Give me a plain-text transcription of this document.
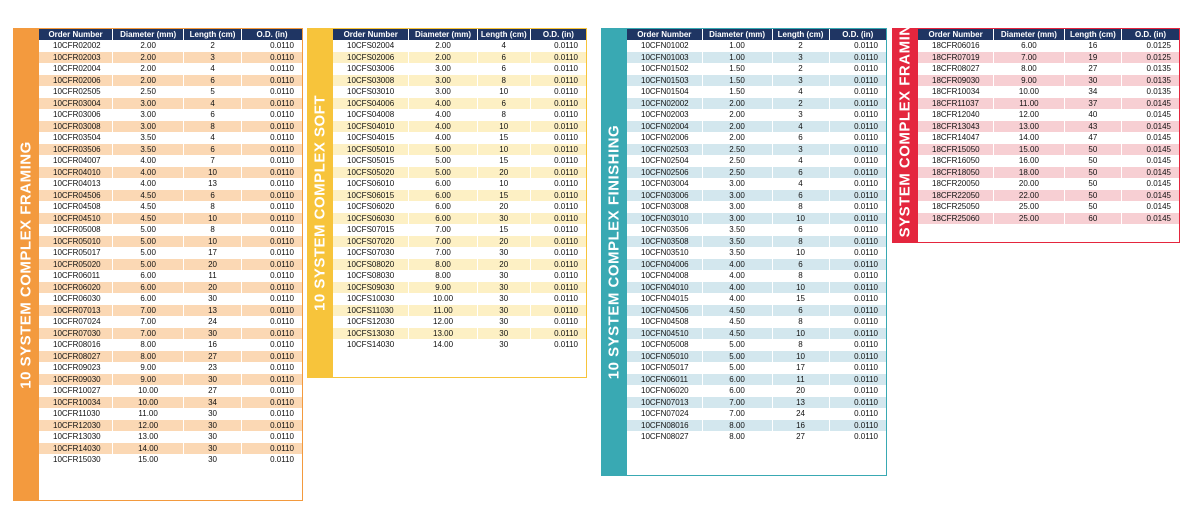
10 SYSTEM COMPLEX FRAMING
Order Number	Diameter (mm)	Length (cm)	O.D. (in)
10CFR02002	2.00	2	0.0110
10CFR02003	2.00	3	0.0110
10CFR02004	2.00	4	0.0110
10CFR02006	2.00	6	0.0110
10CFR02505	2.50	5	0.0110
10CFR03004	3.00	4	0.0110
10CFR03006	3.00	6	0.0110
10CFR03008	3.00	8	0.0110
10CFR03504	3.50	4	0.0110
10CFR03506	3.50	6	0.0110
10CFR04007	4.00	7	0.0110
10CFR04010	4.00	10	0.0110
10CFR04013	4.00	13	0.0110
10CFR04506	4.50	6	0.0110
10CFR04508	4.50	8	0.0110
10CFR04510	4.50	10	0.0110
10CFR05008	5.00	8	0.0110
10CFR05010	5.00	10	0.0110
10CFR05017	5.00	17	0.0110
10CFR05020	5.00	20	0.0110
10CFR06011	6.00	11	0.0110
10CFR06020	6.00	20	0.0110
10CFR06030	6.00	30	0.0110
10CFR07013	7.00	13	0.0110
10CFR07024	7.00	24	0.0110
10CFR07030	7.00	30	0.0110
10CFR08016	8.00	16	0.0110
10CFR08027	8.00	27	0.0110
10CFR09023	9.00	23	0.0110
10CFR09030	9.00	30	0.0110
10CFR10027	10.00	27	0.0110
10CFR10034	10.00	34	0.0110
10CFR11030	11.00	30	0.0110
10CFR12030	12.00	30	0.0110
10CFR13030	13.00	30	0.0110
10CFR14030	14.00	30	0.0110
10CFR15030	15.00	30	0.0110
10 SYSTEM COMPLEX SOFT
Order Number	Diameter (mm)	Length (cm)	O.D. (in)
10CFS02004	2.00	4	0.0110
10CFS02006	2.00	6	0.0110
10CFS03006	3.00	6	0.0110
10CFS03008	3.00	8	0.0110
10CFS03010	3.00	10	0.0110
10CFS04006	4.00	6	0.0110
10CFS04008	4.00	8	0.0110
10CFS04010	4.00	10	0.0110
10CFS04015	4.00	15	0.0110
10CFS05010	5.00	10	0.0110
10CFS05015	5.00	15	0.0110
10CFS05020	5.00	20	0.0110
10CFS06010	6.00	10	0.0110
10CFS06015	6.00	15	0.0110
10CFS06020	6.00	20	0.0110
10CFS06030	6.00	30	0.0110
10CFS07015	7.00	15	0.0110
10CFS07020	7.00	20	0.0110
10CFS07030	7.00	30	0.0110
10CFS08020	8.00	20	0.0110
10CFS08030	8.00	30	0.0110
10CFS09030	9.00	30	0.0110
10CFS10030	10.00	30	0.0110
10CFS11030	11.00	30	0.0110
10CFS12030	12.00	30	0.0110
10CFS13030	13.00	30	0.0110
10CFS14030	14.00	30	0.0110 10 SYSTEM COMPLEX FINISHING
Order Number	Diameter (mm)	Length (cm)	O.D. (in)
10CFN01002	1.00	2	0.0110
10CFN01003	1.00	3	0.0110
10CFN01502	1.50	2	0.0110
10CFN01503	1.50	3	0.0110
10CFN01504	1.50	4	0.0110
10CFN02002	2.00	2	0.0110
10CFN02003	2.00	3	0.0110
10CFN02004	2.00	4	0.0110
10CFN02006	2.00	6	0.0110
10CFN02503	2.50	3	0.0110
10CFN02504	2.50	4	0.0110
10CFN02506	2.50	6	0.0110
10CFN03004	3.00	4	0.0110
10CFN03006	3.00	6	0.0110
10CFN03008	3.00	8	0.0110
10CFN03010	3.00	10	0.0110
10CFN03506	3.50	6	0.0110
10CFN03508	3.50	8	0.0110
10CFN03510	3.50	10	0.0110
10CFN04006	4.00	6	0.0110
10CFN04008	4.00	8	0.0110
10CFN04010	4.00	10	0.0110
10CFN04015	4.00	15	0.0110
10CFN04506	4.50	6	0.0110
10CFN04508	4.50	8	0.0110
10CFN04510	4.50	10	0.0110
10CFN05008	5.00	8	0.0110
10CFN05010	5.00	10	0.0110
10CFN05017	5.00	17	0.0110
10CFN06011	6.00	11	0.0110
10CFN06020	6.00	20	0.0110
10CFN07013	7.00	13	0.0110
10CFN07024	7.00	24	0.0110
10CFN08016	8.00	16	0.0110
10CFN08027	8.00	27	0.0110
18 SYSTEM COMPLEX FRAMING Order Number	Diameter (mm)	Length (cm)	O.D. (in)
18CFR06016	6.00	16	0.0125
18CFR07019	7.00	19	0.0125
18CFR08027	8.00	27	0.0135
18CFR09030	9.00	30	0.0135
18CFR10034	10.00	34	0.0135
18CFR11037	11.00	37	0.0145
18CFR12040	12.00	40	0.0145
18CFR13043	13.00	43	0.0145
18CFR14047	14.00	47	0.0145
18CFR15050	15.00	50	0.0145
18CFR16050	16.00	50	0.0145
18CFR18050	18.00	50	0.0145
18CFR20050	20.00	50	0.0145
18CFR22050	22.00	50	0.0145
18CFR25050	25.00	50	0.0145
18CFR25060	25.00	60	0.0145
